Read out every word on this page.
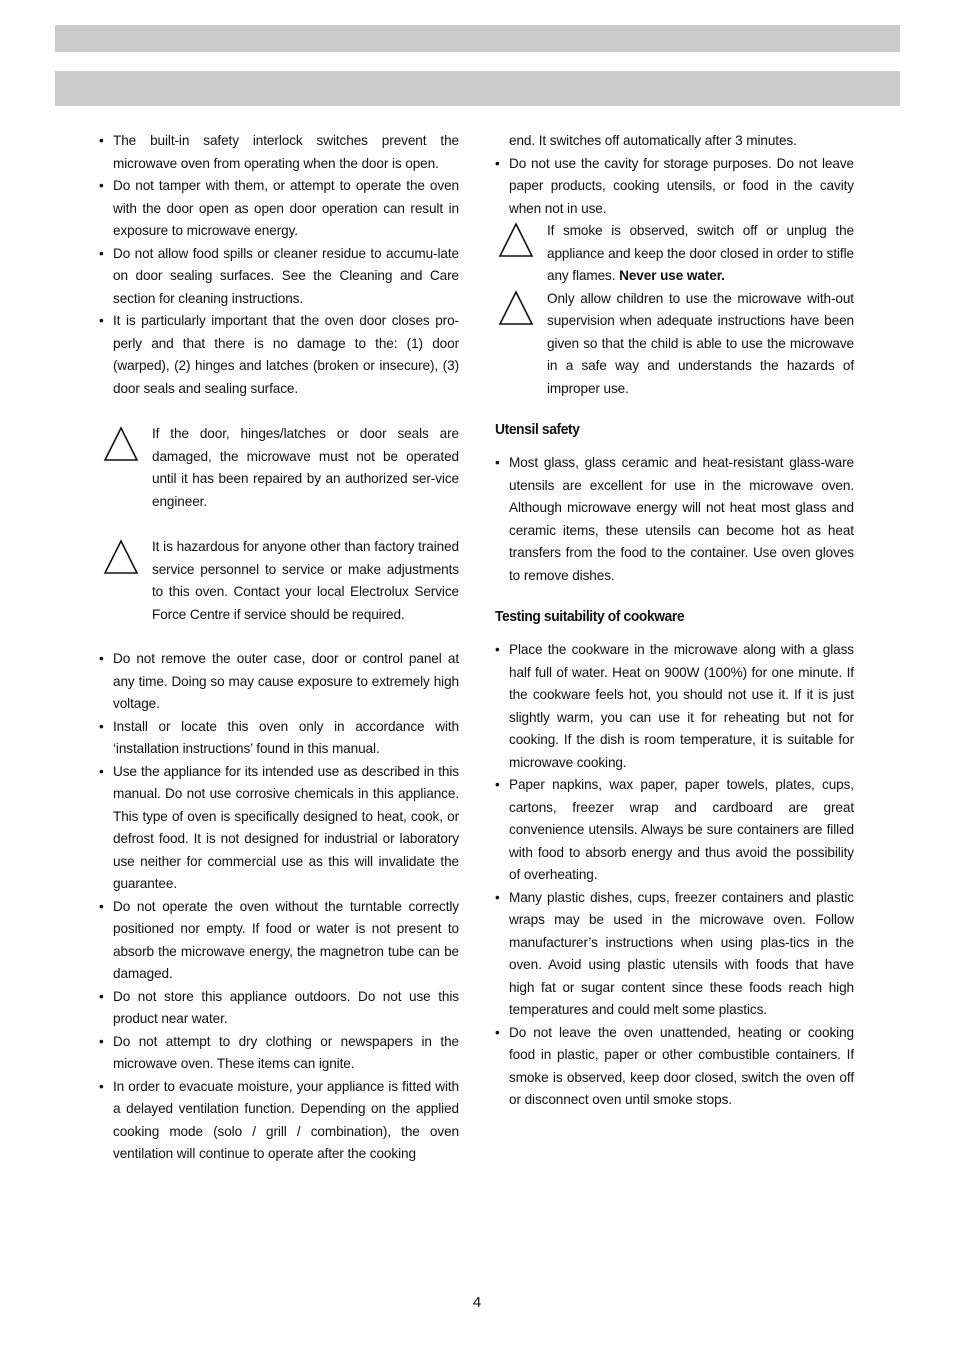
• The built-in safety interlock switches prevent the microwave oven from operating when the door is open.
• Do not tamper with them, or attempt to operate the oven with the door open as open door operation can result in exposure to microwave energy.
• Do not allow food spills or cleaner residue to accumu-late on door sealing surfaces. See the Cleaning and Care section for cleaning instructions.
• It is particularly important that the oven door closes pro-perly and that there is no damage to the: (1) door (warped), (2) hinges and latches (broken or insecure), (3) door seals and sealing surface.

If the door, hinges/latches or door seals are damaged, the microwave must not be operated until it has been repaired by an authorized ser-vice engineer.

It is hazardous for anyone other than factory trained service personnel to service or make adjustments to this oven. Contact your local Electrolux Service Force Centre if service should be required.

• Do not remove the outer case, door or control panel at any time. Doing so may cause exposure to extremely high voltage.
• Install or locate this oven only in accordance with ‘installation instructions’ found in this manual.
• Use the appliance for its intended use as described in this manual. Do not use corrosive chemicals in this appliance. This type of oven is specifically designed to heat, cook, or defrost food. It is not designed for industrial or laboratory use neither for commercial use as this will invalidate the guarantee.
• Do not operate the oven without the turntable correctly positioned nor empty. If food or water is not present to absorb the microwave energy, the magnetron tube can be damaged.
• Do not store this appliance outdoors. Do not use this product near water.
• Do not attempt to dry clothing or newspapers in the microwave oven. These items can ignite.
• In order to evacuate moisture, your appliance is fitted with a delayed ventilation function. Depending on the applied cooking mode (solo / grill / combination), the oven ventilation will continue to operate after the cooking
end. It switches off automatically after 3 minutes.
• Do not use the cavity for storage purposes. Do not leave paper products, cooking utensils, or food in the cavity when not in use.

If smoke is observed, switch off or unplug the appliance and keep the door closed in order to stifle any flames. Never use water.

Only allow children to use the microwave with-out supervision when adequate instructions have been given so that the child is able to use the microwave in a safe way and understands the hazards of improper use.

Utensil safety
• Most glass, glass ceramic and heat-resistant glass-ware utensils are excellent for use in the microwave oven. Although microwave energy will not heat most glass and ceramic items, these utensils can become hot as heat transfers from the food to the container. Use oven gloves to remove dishes.
Testing suitability of cookware
• Place the cookware in the microwave along with a glass half full of water. Heat on 900W (100%) for one minute. If the cookware feels hot, you should not use it. If it is just slightly warm, you can use it for reheating but not for cooking. If the dish is room temperature, it is suitable for microwave cooking.
• Paper napkins, wax paper, paper towels, plates, cups, cartons, freezer wrap and cardboard are great convenience utensils. Always be sure containers are filled with food to absorb energy and thus avoid the possibility of overheating.
• Many plastic dishes, cups, freezer containers and plastic wraps may be used in the microwave oven. Follow manufacturer’s instructions when using plas-tics in the oven. Avoid using plastic utensils with foods that have high fat or sugar content since these foods reach high temperatures and could melt some plastics.
• Do not leave the oven unattended, heating or cooking food in plastic, paper or other combustible containers. If smoke is observed, keep door closed, switch the oven off or disconnect oven until smoke stops.
4
